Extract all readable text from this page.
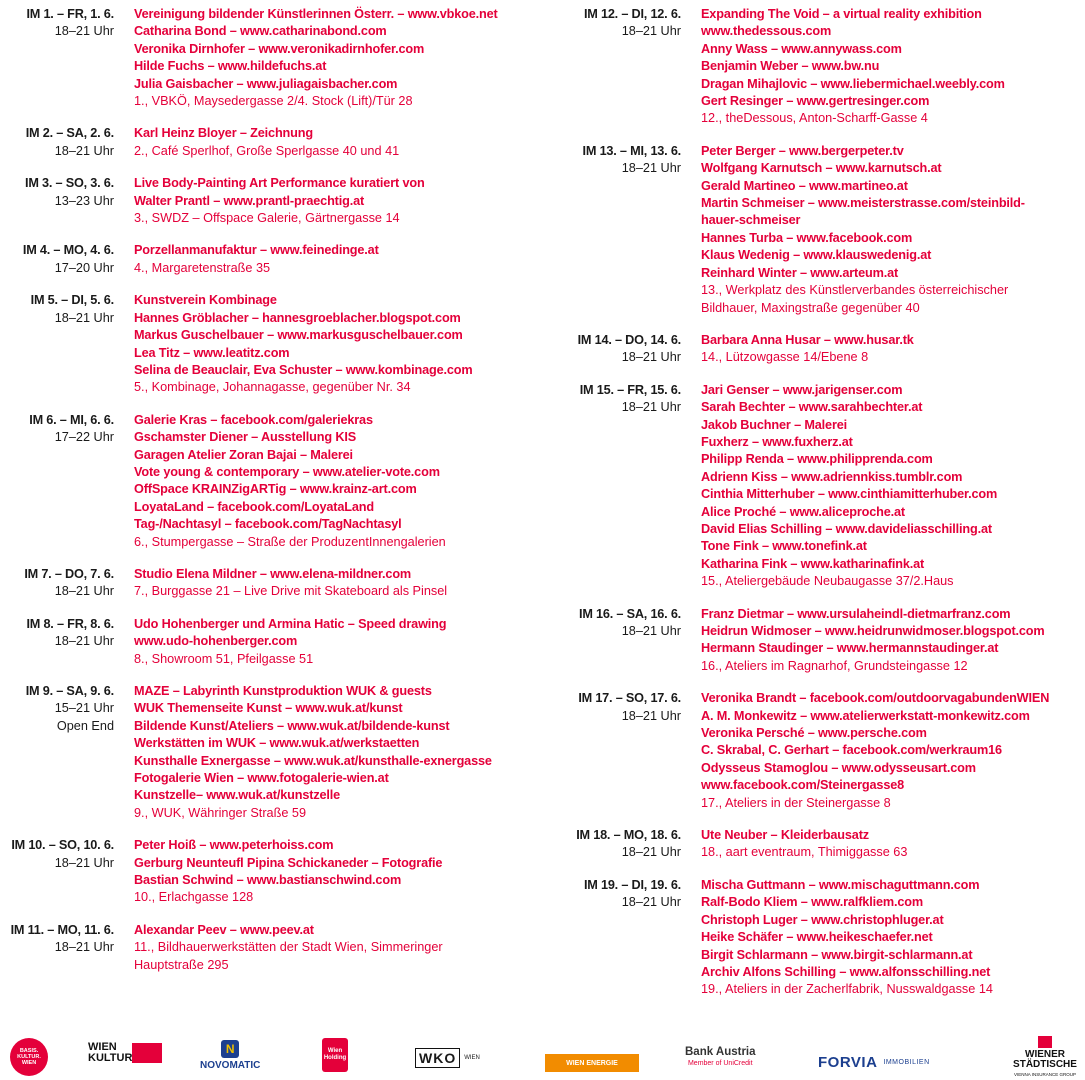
IM 1. – FR, 1. 6.
18–21 Uhr
Vereinigung bildender Künstlerinnen Österr. – www.vbkoe.net
Catharina Bond – www.catharinabond.com
Veronika Dirnhofer – www.veronikadirnhofer.com
Hilde Fuchs – www.hildefuchs.at
Julia Gaisbacher – www.juliagaisbacher.com
1., VBKÖ, Maysedergasse 2/4. Stock (Lift)/Tür 28
IM 2. – SA, 2. 6.
18–21 Uhr
Karl Heinz Bloyer – Zeichnung
2., Café Sperlhof, Große Sperlgasse 40 und 41
IM 3. – SO, 3. 6.
13–23 Uhr
Live Body-Painting Art Performance kuratiert von
Walter Prantl – www.prantl-praechtig.at
3., SWDZ – Offspace Galerie, Gärtnergasse 14
IM 4. – MO, 4. 6.
17–20 Uhr
Porzellanmanufaktur – www.feinedinge.at
4., Margaretenstraße 35
IM 5. – DI, 5. 6.
18–21 Uhr
Kunstverein Kombinage
Hannes Gröblacher – hannesgroeblacher.blogspot.com
Markus Guschelbauer – www.markusguschelbauer.com
Lea Titz – www.leatitz.com
Selina de Beauclair, Eva Schuster – www.kombinage.com
5., Kombinage, Johannagasse, gegenüber Nr. 34
IM 6. – MI, 6. 6.
17–22 Uhr
Galerie Kras – facebook.com/galeriekras
Gschamster Diener – Ausstellung KIS
Garagen Atelier Zoran Bajai – Malerei
Vote young & contemporary – www.atelier-vote.com
OffSpace KRAINZigARTig – www.krainz-art.com
LoyataLand – facebook.com/LoyataLand
Tag-/Nachtasyl – facebook.com/TagNachtasyl
6., Stumpergasse – Straße der ProduzentInnengalerien
IM 7. – DO, 7. 6.
18–21 Uhr
Studio Elena Mildner – www.elena-mildner.com
7., Burggasse 21 – Live Drive mit Skateboard als Pinsel
IM 8. – FR, 8. 6.
18–21 Uhr
Udo Hohenberger und Armina Hatic – Speed drawing
www.udo-hohenberger.com
8., Showroom 51, Pfeilgasse 51
IM 9. – SA, 9. 6.
15–21 Uhr
Open End
MAZE – Labyrinth Kunstproduktion WUK & guests
WUK Themenseite Kunst – www.wuk.at/kunst
Bildende Kunst/Ateliers – www.wuk.at/bildende-kunst
Werkstätten im WUK – www.wuk.at/werkstaetten
Kunsthalle Exnergasse – www.wuk.at/kunsthalle-exnergasse
Fotogalerie Wien – www.fotogalerie-wien.at
Kunstzelle– www.wuk.at/kunstzelle
9., WUK, Währinger Straße 59
IM 10. – SO, 10. 6.
18–21 Uhr
Peter Hoiß – www.peterhoiss.com
Gerburg Neunteufl Pipina Schickaneder – Fotografie
Bastian Schwind – www.bastianschwind.com
10., Erlachgasse 128
IM 11. – MO, 11. 6.
18–21 Uhr
Alexandar Peev – www.peev.at
11., Bildhauerwerkstätten der Stadt Wien, Simmeringer
Hauptstraße 295
IM 12. – DI, 12. 6.
18–21 Uhr
Expanding The Void – a virtual reality exhibition
www.thedessous.com
Anny Wass – www.annywass.com
Benjamin Weber – www.bw.nu
Dragan Mihajlovic – www.liebermichael.weebly.com
Gert Resinger – www.gertresinger.com
12., theDessous, Anton-Scharff-Gasse 4
IM 13. – MI, 13. 6.
18–21 Uhr
Peter Berger – www.bergerpeter.tv
Wolfgang Karnutsch – www.karnutsch.at
Gerald Martineo – www.martineo.at
Martin Schmeiser – www.meisterstrasse.com/steinbild-
hauer-schmeiser
Hannes Turba – www.facebook.com
Klaus Wedenig – www.klauswedenig.at
Reinhard Winter – www.arteum.at
13., Werkplatz des Künstlerverbandes österreichischer
Bildhauer, Maxingstraße gegenüber 40
IM 14. – DO, 14. 6.
18–21 Uhr
Barbara Anna Husar – www.husar.tk
14., Lützowgasse 14/Ebene 8
IM 15. – FR, 15. 6.
18–21 Uhr
Jari Genser – www.jarigenser.com
Sarah Bechter – www.sarahbechter.at
Jakob Buchner – Malerei
Fuxherz – www.fuxherz.at
Philipp Renda – www.philipprenda.com
Adrienn Kiss – www.adriennkiss.tumblr.com
Cinthia Mitterhuber – www.cinthiamitterhuber.com
Alice Proché – www.aliceproche.at
David Elias Schilling – www.davideliasschilling.at
Tone Fink – www.tonefink.at
Katharina Fink – www.katharinafink.at
15., Ateliergebäude Neubaugasse 37/2.Haus
IM 16. – SA, 16. 6.
18–21 Uhr
Franz Dietmar – www.ursulaheindl-dietmarfranz.com
Heidrun Widmoser – www.heidrunwidmoser.blogspot.com
Hermann Staudinger – www.hermannstaudinger.at
16., Ateliers im Ragnarhof, Grundsteingasse 12
IM 17. – SO, 17. 6.
18–21 Uhr
Veronika Brandt – facebook.com/outdoorvagabundenWIEN
A. M. Monkewitz – www.atelierwerkstatt-monkewitz.com
Veronika Persché – www.persche.com
C. Skrabal, C. Gerhart – facebook.com/werkraum16
Odysseus Stamoglou – www.odysseusart.com
www.facebook.com/Steinergasse8
17., Ateliers in der Steinergasse 8
IM 18. – MO, 18. 6.
18–21 Uhr
Ute Neuber – Kleiderbausatz
18., aart eventraum, Thimiggasse 63
IM 19. – DI, 19. 6.
18–21 Uhr
Mischa Guttmann – www.mischaguttmann.com
Ralf-Bodo Kliem – www.ralfkliem.com
Christoph Luger – www.christophluger.at
Heike Schäfer – www.heikeschaefer.net
Birgit Schlarmann – www.birgit-schlarmann.at
Archiv Alfons Schilling – www.alfonsschilling.net
19., Ateliers in der Zacherlfabrik, Nusswaldgasse 14
BASIS. KULTUR. WIEN
WIEN KULTUR
N
NOVOMATIC
Wien Holding	WKO	WIEN
WIEN ENERGIE
Bank Austria
Member of UniCredit	FORVIA IMMOBILIEN
WIENER STÄDTISCHE
VIENNA INSURANCE GROUP
